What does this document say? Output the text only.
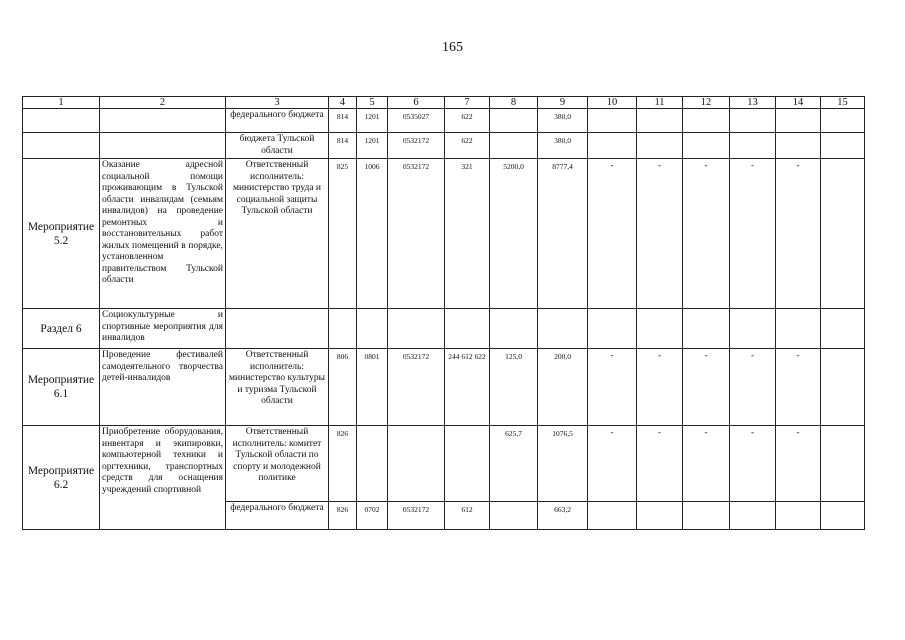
165
1	2	3	4	5	6	7	8	9	10	11	12	13	14	15
		федерального бюджета	814	1201	0535027	622		380,0						
		бюджета Тульской области	814	1201	0532172	622		380,0						
Мероприятие 5.2	Оказание адресной социальной помощи проживающим в Тульской области инвалидам (семьям инвалидов) на проведение ремонтных и восстановительных работ жилых помещений в порядке, установленном правительством Тульской области	Ответственный исполнитель: министерство труда и социальной защиты Тульской области	825	1006	0532172	321	5200,0	8777,4	-	-	-	-	-	
Раздел 6	Социокультурные и спортивные мероприятия для инвалидов													
Мероприятие 6.1	Проведение фестивалей самодеятельного творчества детей-инвалидов	Ответственный исполнитель: министерство культуры и туризма Тульской области	806	0801	0532172	244 612 622	125,0	200,0	-	-	-	-	-	
Мероприятие 6.2	Приобретение оборудования, инвентаря и экипировки, компьютерной техники и оргтехники, транспортных средств для оснащения учреждений спортивной	Ответственный исполнитель: комитет Тульской области по спорту и молодежной политике	826				625,7	1076,5	-	-	-	-	-	
		федерального бюджета	826	0702	0532172	612		663,2						
